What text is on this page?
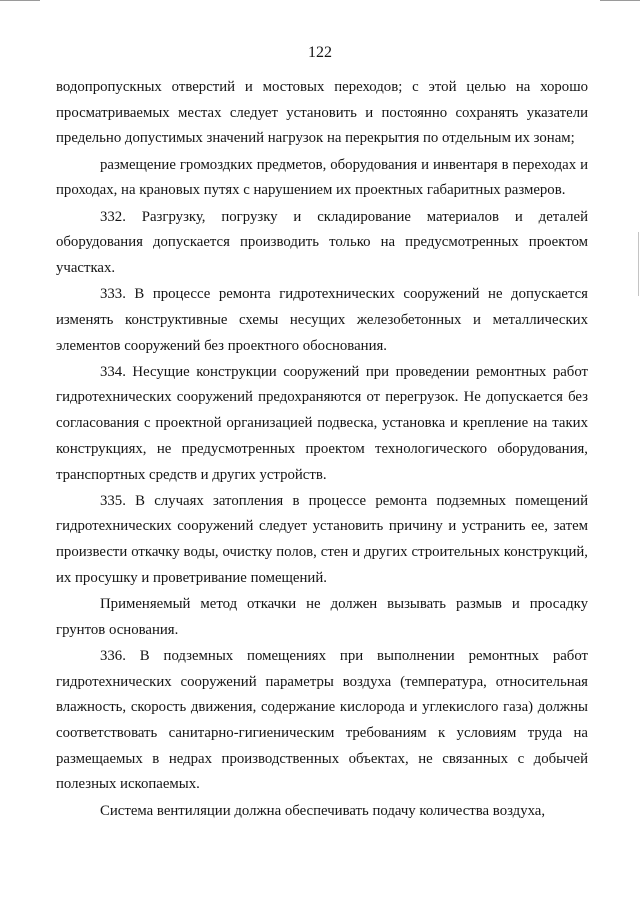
122

водопропускных отверстий и мостовых переходов; с этой целью на хорошо просматриваемых местах следует установить и постоянно сохранять указатели предельно допустимых значений нагрузок на перекрытия по отдельным их зонам;

размещение громоздких предметов, оборудования и инвентаря в переходах и проходах, на крановых путях с нарушением их проектных габаритных размеров.

332. Разгрузку, погрузку и складирование материалов и деталей оборудования допускается производить только на предусмотренных проектом участках.

333. В процессе ремонта гидротехнических сооружений не допускается изменять конструктивные схемы несущих железобетонных и металлических элементов сооружений без проектного обоснования.

334. Несущие конструкции сооружений при проведении ремонтных работ гидротехнических сооружений предохраняются от перегрузок. Не допускается без согласования с проектной организацией подвеска, установка и крепление на таких конструкциях, не предусмотренных проектом технологического оборудования, транспортных средств и других устройств.

335. В случаях затопления в процессе ремонта подземных помещений гидротехнических сооружений следует установить причину и устранить ее, затем произвести откачку воды, очистку полов, стен и других строительных конструкций, их просушку и проветривание помещений.

Применяемый метод откачки не должен вызывать размыв и просадку грунтов основания.

336. В подземных помещениях при выполнении ремонтных работ гидротехнических сооружений параметры воздуха (температура, относительная влажность, скорость движения, содержание кислорода и углекислого газа) должны соответствовать санитарно-гигиеническим требованиям к условиям труда на размещаемых в недрах производственных объектах, не связанных с добычей полезных ископаемых.

Система вентиляции должна обеспечивать подачу количества воздуха,
